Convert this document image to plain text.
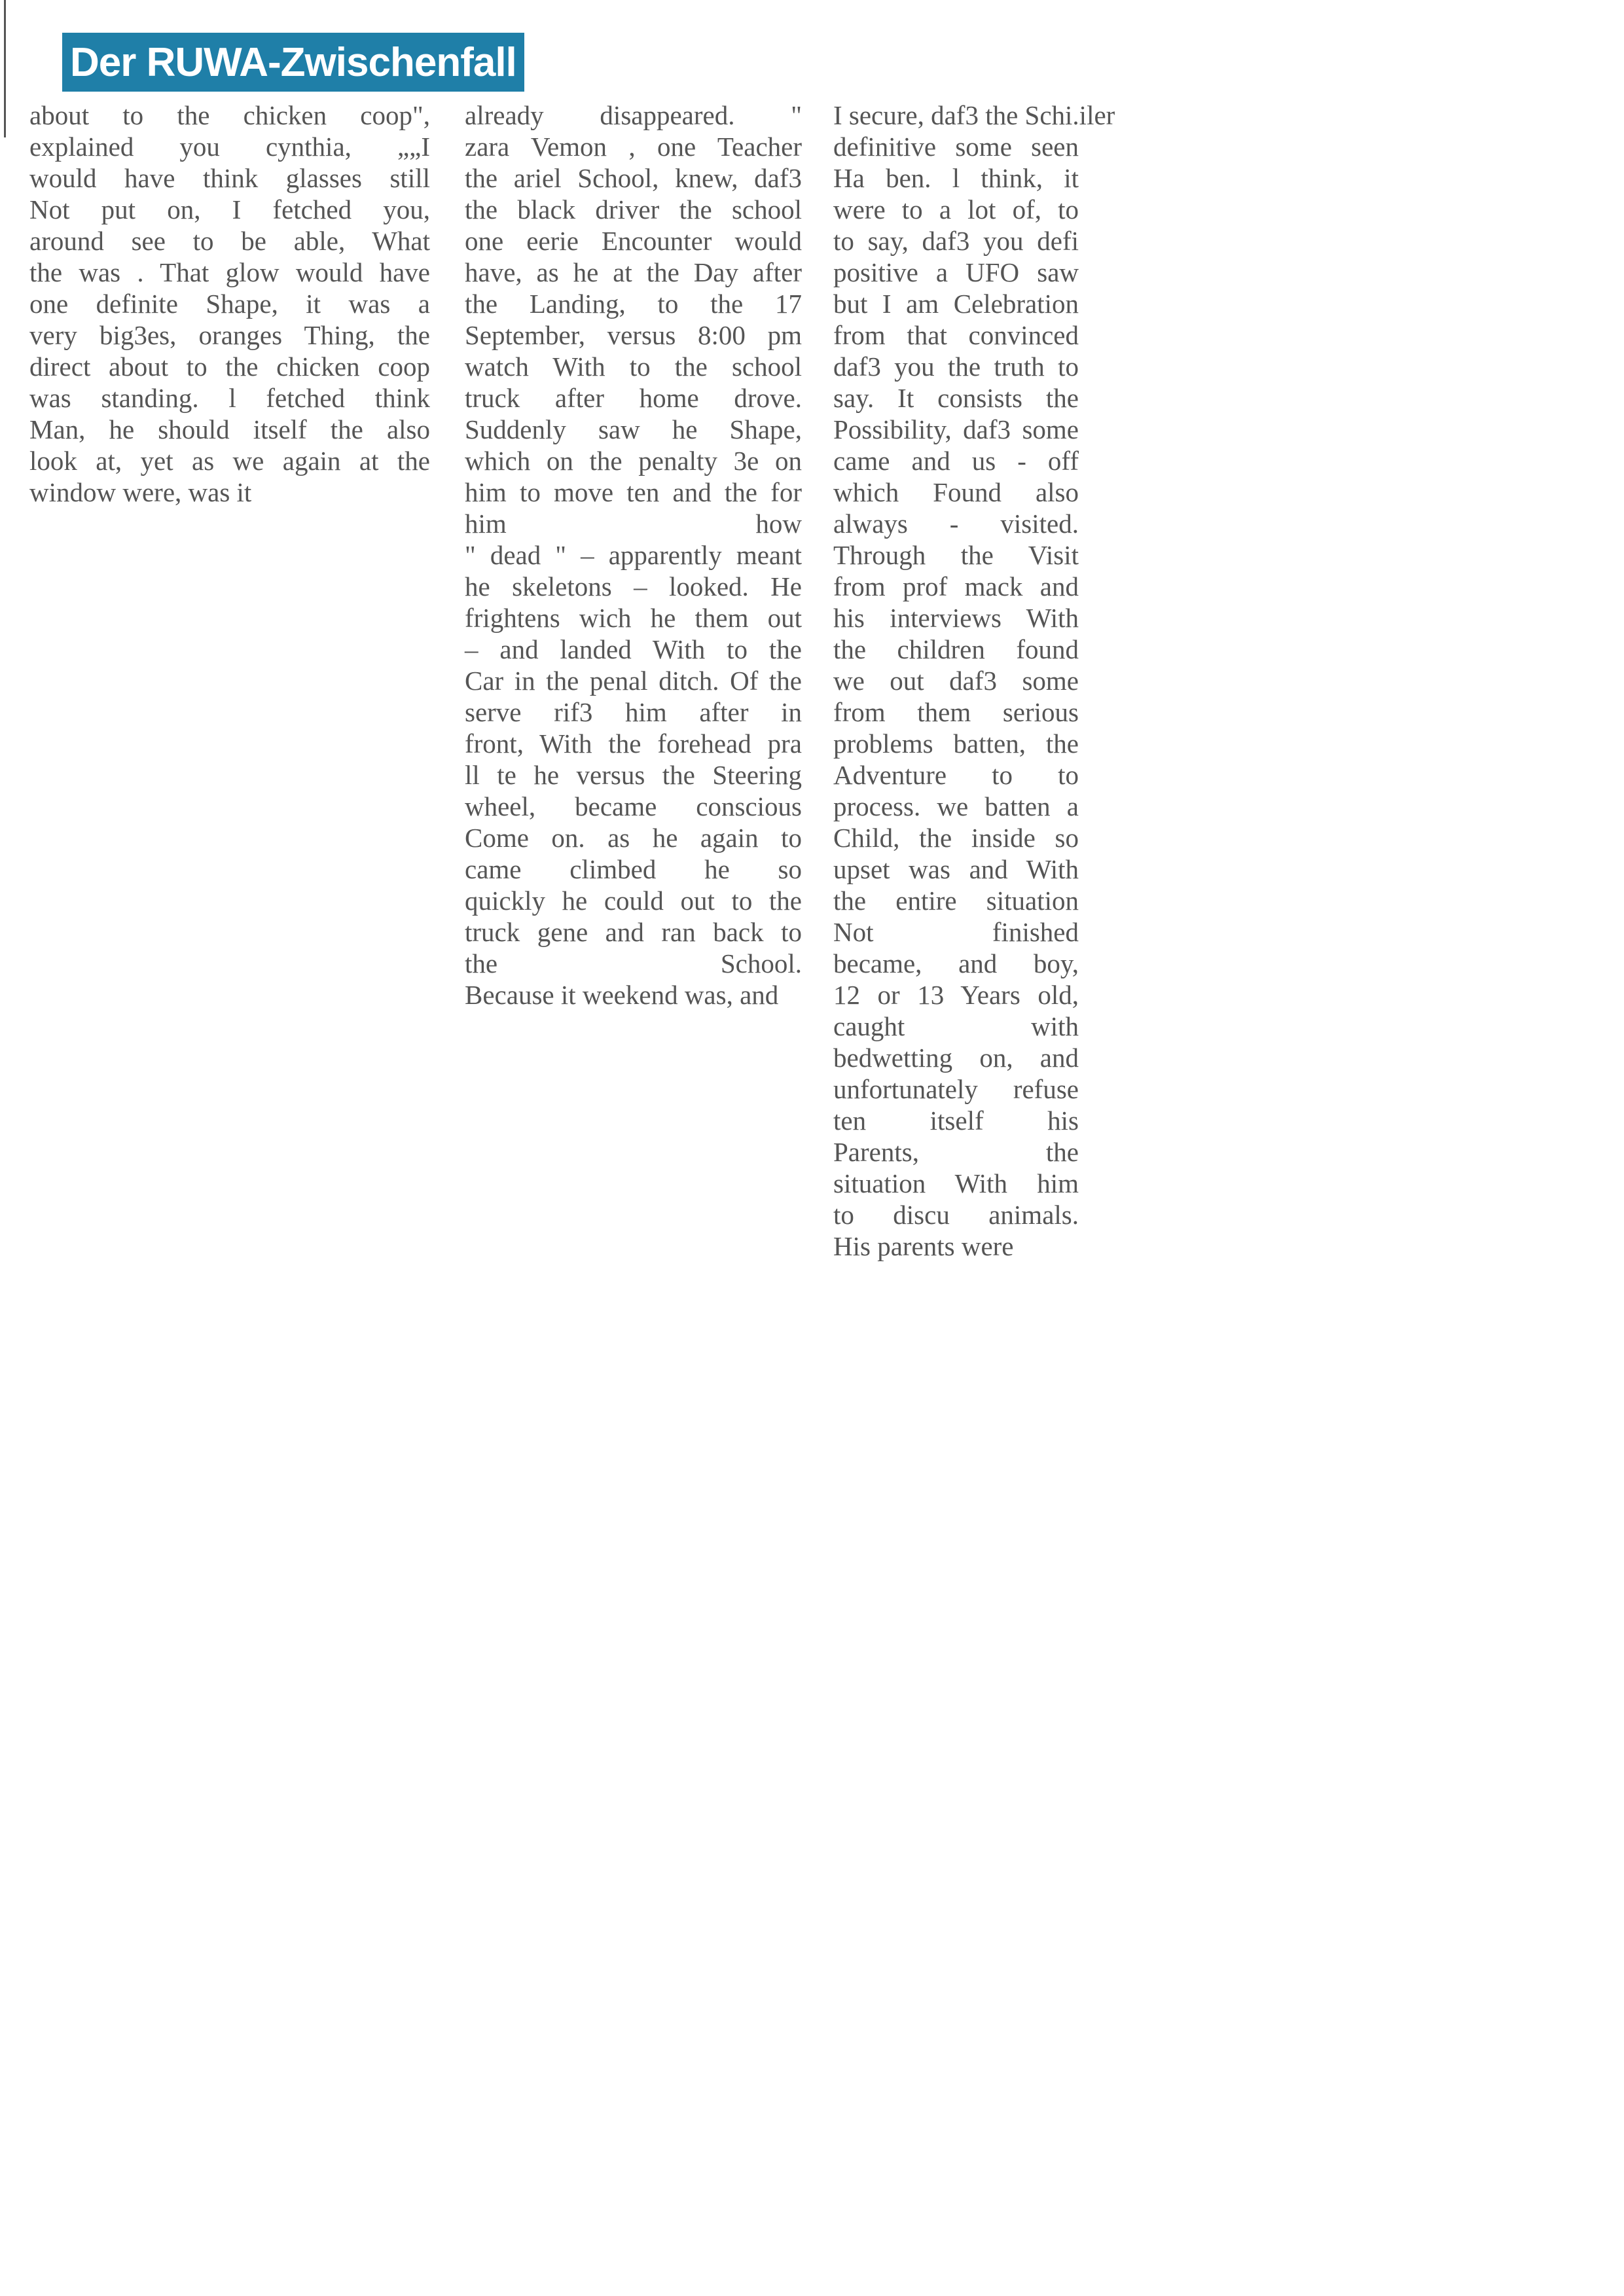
Der RUWA-Zwischenfall
about to the chicken coop",
explained you cynthia, „„I
would have think glasses still
Not put on, I fetched you,
around see to be able, What
the was . That glow would have
one definite Shape, it was a
very big3es, oranges Thing, the
direct about to the chicken coop
was standing. l fetched think
Man, he should itself the also
look at, yet as we again at the
window were, was it
already disappeared. "
zara Vemon , one Teacher
the ariel School, knew, daf3
the black driver the school
one eerie Encounter would
have, as he at the Day after
the Landing, to the 17
September, versus 8:00 pm
watch With to the school
truck after home drove.
Suddenly saw he Shape,
which on the penalty 3e on
him to move ten and the for
him how
" dead " – apparently meant
he skeletons – looked. He
frightens wich he them out
– and landed With to the
Car in the penal ditch. Of the
serve rif3 him after in
front, With the forehead pra
ll te he versus the Steering
wheel, became conscious
Come on. as he again to
came climbed he so
quickly he could out to the
truck gene and ran back to
the School.
Because it weekend was, and
I secure, daf3 the Schi.iler
definitive some seen
Ha ben. l think, it
were to a lot of, to
to say, daf3 you defi
positive a UFO saw
but I am Celebration
from that convinced
daf3 you the truth to
say. It consists the
Possibility, daf3 some
came and us - off
which Found also
always - visited.
Through the Visit
from prof mack and
his interviews With
the children found
we out daf3 some
from them serious
problems batten, the
Adventure to to
process. we batten a
Child, the inside so
upset was and With
the entire situation
Not finished
became, and boy,
12 or 13 Years old,
caught with
bedwetting on, and
unfortunately refuse
ten itself his
Parents, the
situation With him
to discu animals.
His parents were
